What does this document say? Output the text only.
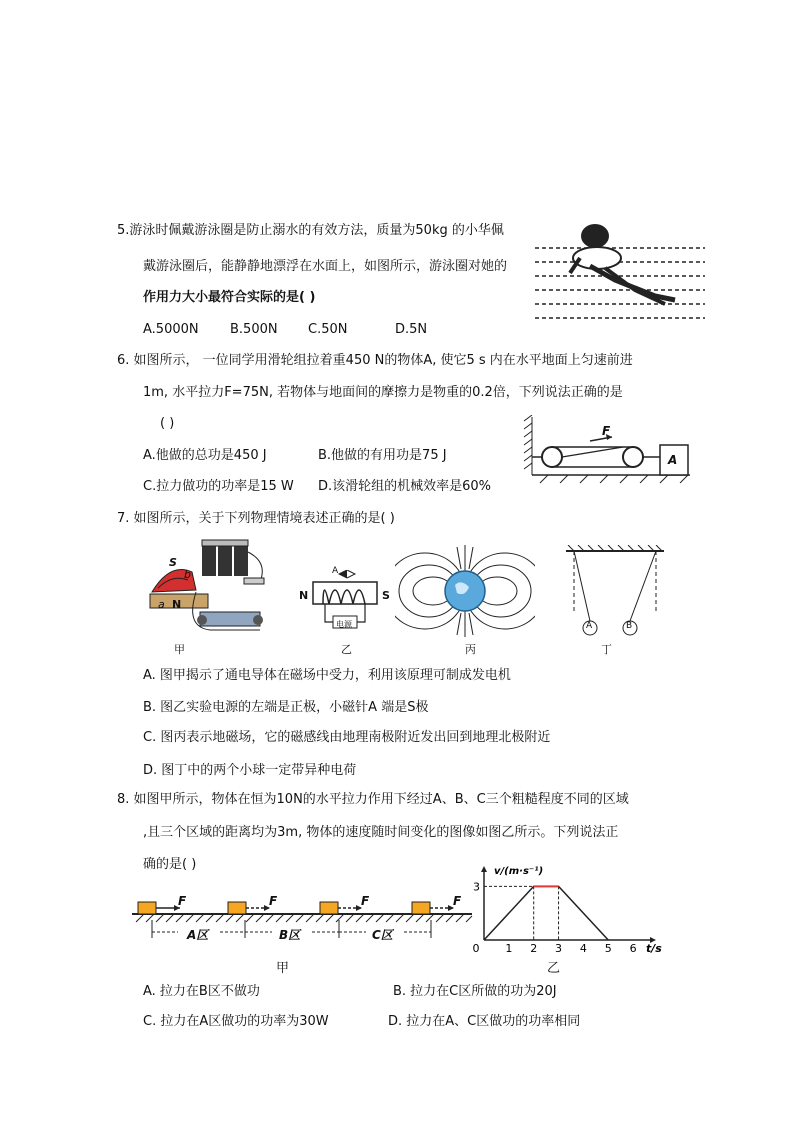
5.游泳时佩戴游泳圈是防止溺水的有效方法，质量为50kg 的小华佩
戴游泳圈后，能静静地漂浮在水面上，如图所示，游泳圈对她的
作用力大小最符合实际的是( )
A.5000N B.500N C.50N	D.5N
6. 如图所示， 一位同学用滑轮组拉着重450 N的物体A, 使它5 s 内在水平地面上匀速前进
1m, 水平拉力F=75N, 若物体与地面间的摩擦力是物重的0.2倍，下列说法正确的是
( )
A.他做的总功是450 J	B.他做的有用功是75 J
C.拉力做功的功率是15 W D.该滑轮组的机械效率是60%
F
A
7. 如图所示，关于下列物理情境表述正确的是( )
S
b
a N
甲
N	S
A
电源
乙	丙
A	B
丁
A. 图甲揭示了通电导体在磁场中受力，利用该原理可制成发电机
B. 图乙实验电源的左端是正极，小磁针A 端是S极
C. 图丙表示地磁场，它的磁感线由地理南极附近发出回到地理北极附近
D. 图丁中的两个小球一定带异种电荷
8. 如图甲所示，物体在恒为10N的水平拉力作用下经过A、B、C三个粗糙程度不同的区域
,且三个区域的距离均为3m, 物体的速度随时间变化的图像如图乙所示。下列说法正
确的是( )
F	F	F	F
A区	B区	C区
甲
0 1 2 3 4 5 6
3
v/(m·s⁻¹)
t/s
乙
A. 拉力在B区不做功	B. 拉力在C区所做的功为20J
C. 拉力在A区做功的功率为30W	D. 拉力在A、C区做功的功率相同
